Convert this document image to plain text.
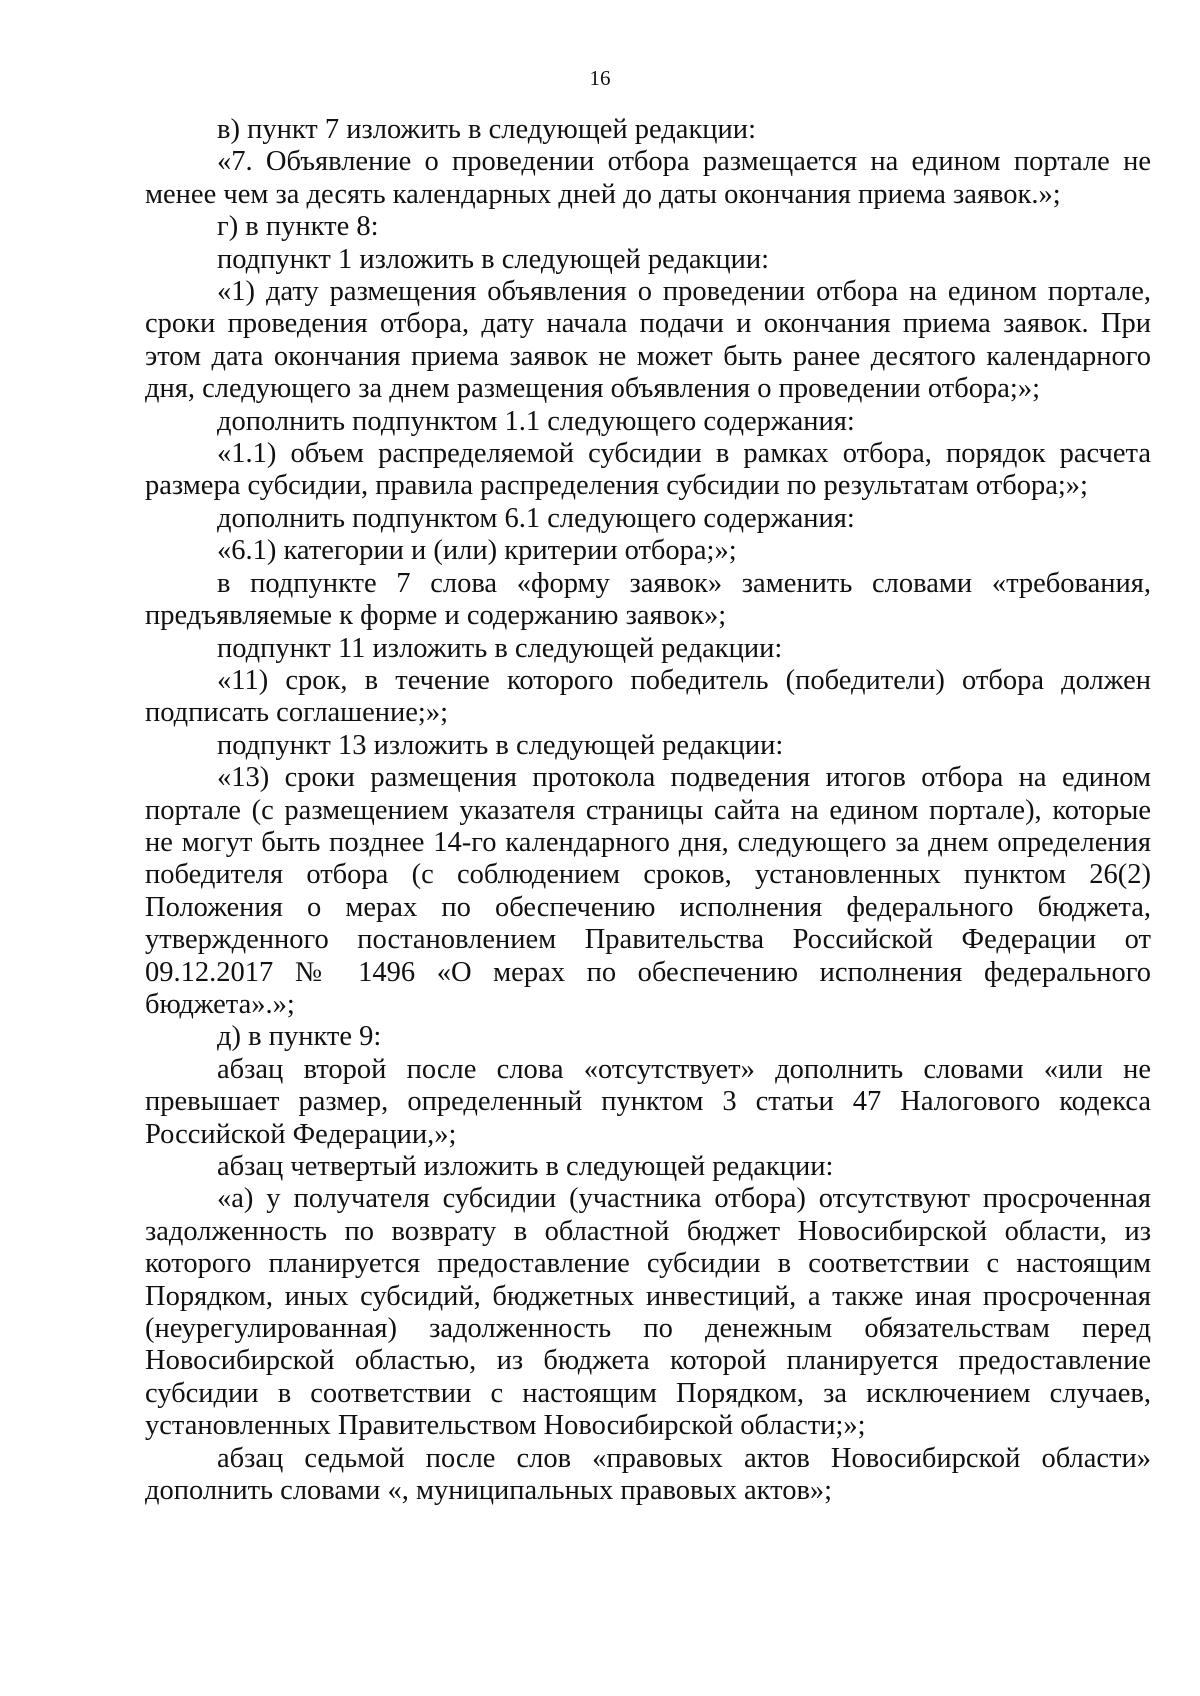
16

в) пункт 7 изложить в следующей редакции:

«7. Объявление о проведении отбора размещается на едином портале не менее чем за десять календарных дней до даты окончания приема заявок.»;

г) в пункте 8:

подпункт 1 изложить в следующей редакции:

«1) дату размещения объявления о проведении отбора на едином портале, сроки проведения отбора, дату начала подачи и окончания приема заявок. При этом дата окончания приема заявок не может быть ранее десятого календарного дня, следующего за днем размещения объявления о проведении отбора;»;

дополнить подпунктом 1.1 следующего содержания:

«1.1) объем распределяемой субсидии в рамках отбора, порядок расчета размера субсидии, правила распределения субсидии по результатам отбора;»;

дополнить подпунктом 6.1 следующего содержания:

«6.1) категории и (или) критерии отбора;»;

в подпункте 7 слова «форму заявок» заменить словами «требования, предъявляемые к форме и содержанию заявок»;

подпункт 11 изложить в следующей редакции:

«11) срок, в течение которого победитель (победители) отбора должен подписать соглашение;»;

подпункт 13 изложить в следующей редакции:

«13) сроки размещения протокола подведения итогов отбора на едином портале (с размещением указателя страницы сайта на едином портале), которые не могут быть позднее 14-го календарного дня, следующего за днем определения победителя отбора (с соблюдением сроков, установленных пунктом 26(2) Положения о мерах по обеспечению исполнения федерального бюджета, утвержденного постановлением Правительства Российской Федерации от 09.12.2017 № 1496 «О мерах по обеспечению исполнения федерального бюджета».»;

д) в пункте 9:

абзац второй после слова «отсутствует» дополнить словами «или не превышает размер, определенный пунктом 3 статьи 47 Налогового кодекса Российской Федерации,»;

абзац четвертый изложить в следующей редакции:

«а) у получателя субсидии (участника отбора) отсутствуют просроченная задолженность по возврату в областной бюджет Новосибирской области, из которого планируется предоставление субсидии в соответствии с настоящим Порядком, иных субсидий, бюджетных инвестиций, а также иная просроченная (неурегулированная) задолженность по денежным обязательствам перед Новосибирской областью, из бюджета которой планируется предоставление субсидии в соответствии с настоящим Порядком, за исключением случаев, установленных Правительством Новосибирской области;»;

абзац седьмой после слов «правовых актов Новосибирской области» дополнить словами «, муниципальных правовых актов»;
